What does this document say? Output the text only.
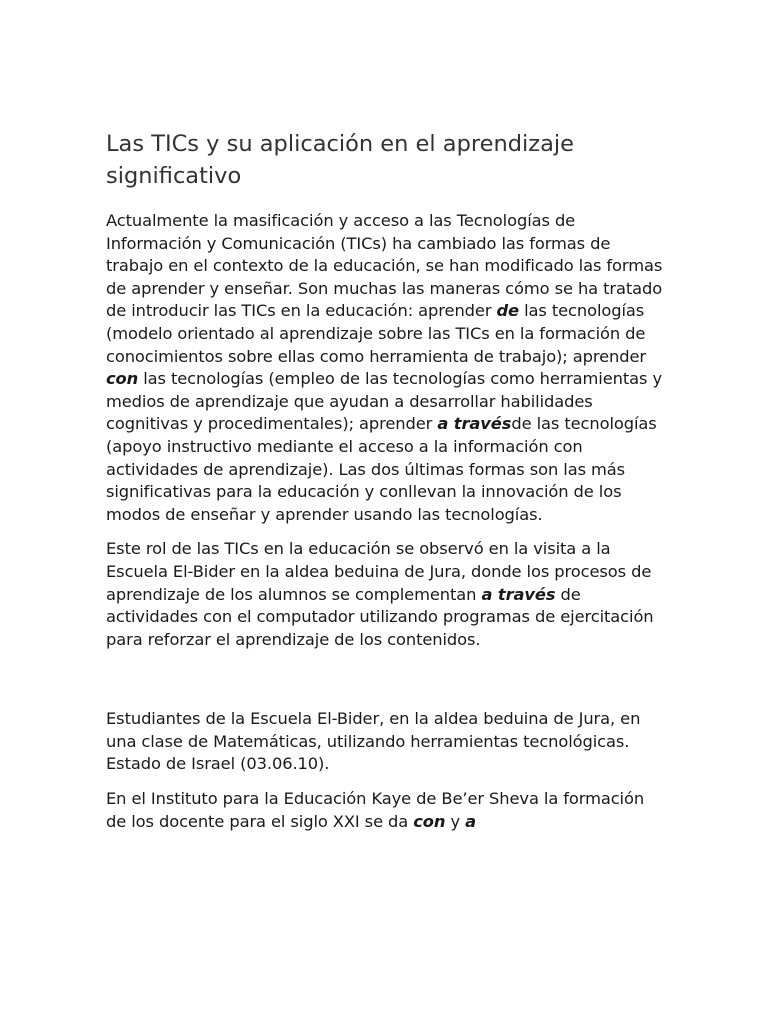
Las TICs y su aplicación en el aprendizaje significativo

Actualmente la masificación y acceso a las Tecnologías de Información y Comunicación (TICs) ha cambiado las formas de trabajo en el contexto de la educación, se han modificado las formas de aprender y enseñar. Son muchas las maneras cómo se ha tratado de introducir las TICs en la educación: aprender de las tecnologías (modelo orientado al aprendizaje sobre las TICs en la formación de conocimientos sobre ellas como herramienta de trabajo); aprender con las tecnologías (empleo de las tecnologías como herramientas y medios de aprendizaje que ayudan a desarrollar habilidades cognitivas y procedimentales); aprender a travésde las tecnologías (apoyo instructivo mediante el acceso a la información con actividades de aprendizaje). Las dos últimas formas son las más significativas para la educación y conllevan la innovación de los modos de enseñar y aprender usando las tecnologías.

Este rol de las TICs en la educación se observó en la visita a la Escuela El-Bider en la aldea beduina de Jura, donde los procesos de aprendizaje de los alumnos se complementan a través de actividades con el computador utilizando programas de ejercitación para reforzar el aprendizaje de los contenidos.

Estudiantes de la Escuela El-Bider, en la aldea beduina de Jura, en una clase de Matemáticas, utilizando herramientas tecnológicas. Estado de Israel (03.06.10).

En el Instituto para la Educación Kaye de Be’er Sheva la formación de los docente para el siglo XXI se da con y a
